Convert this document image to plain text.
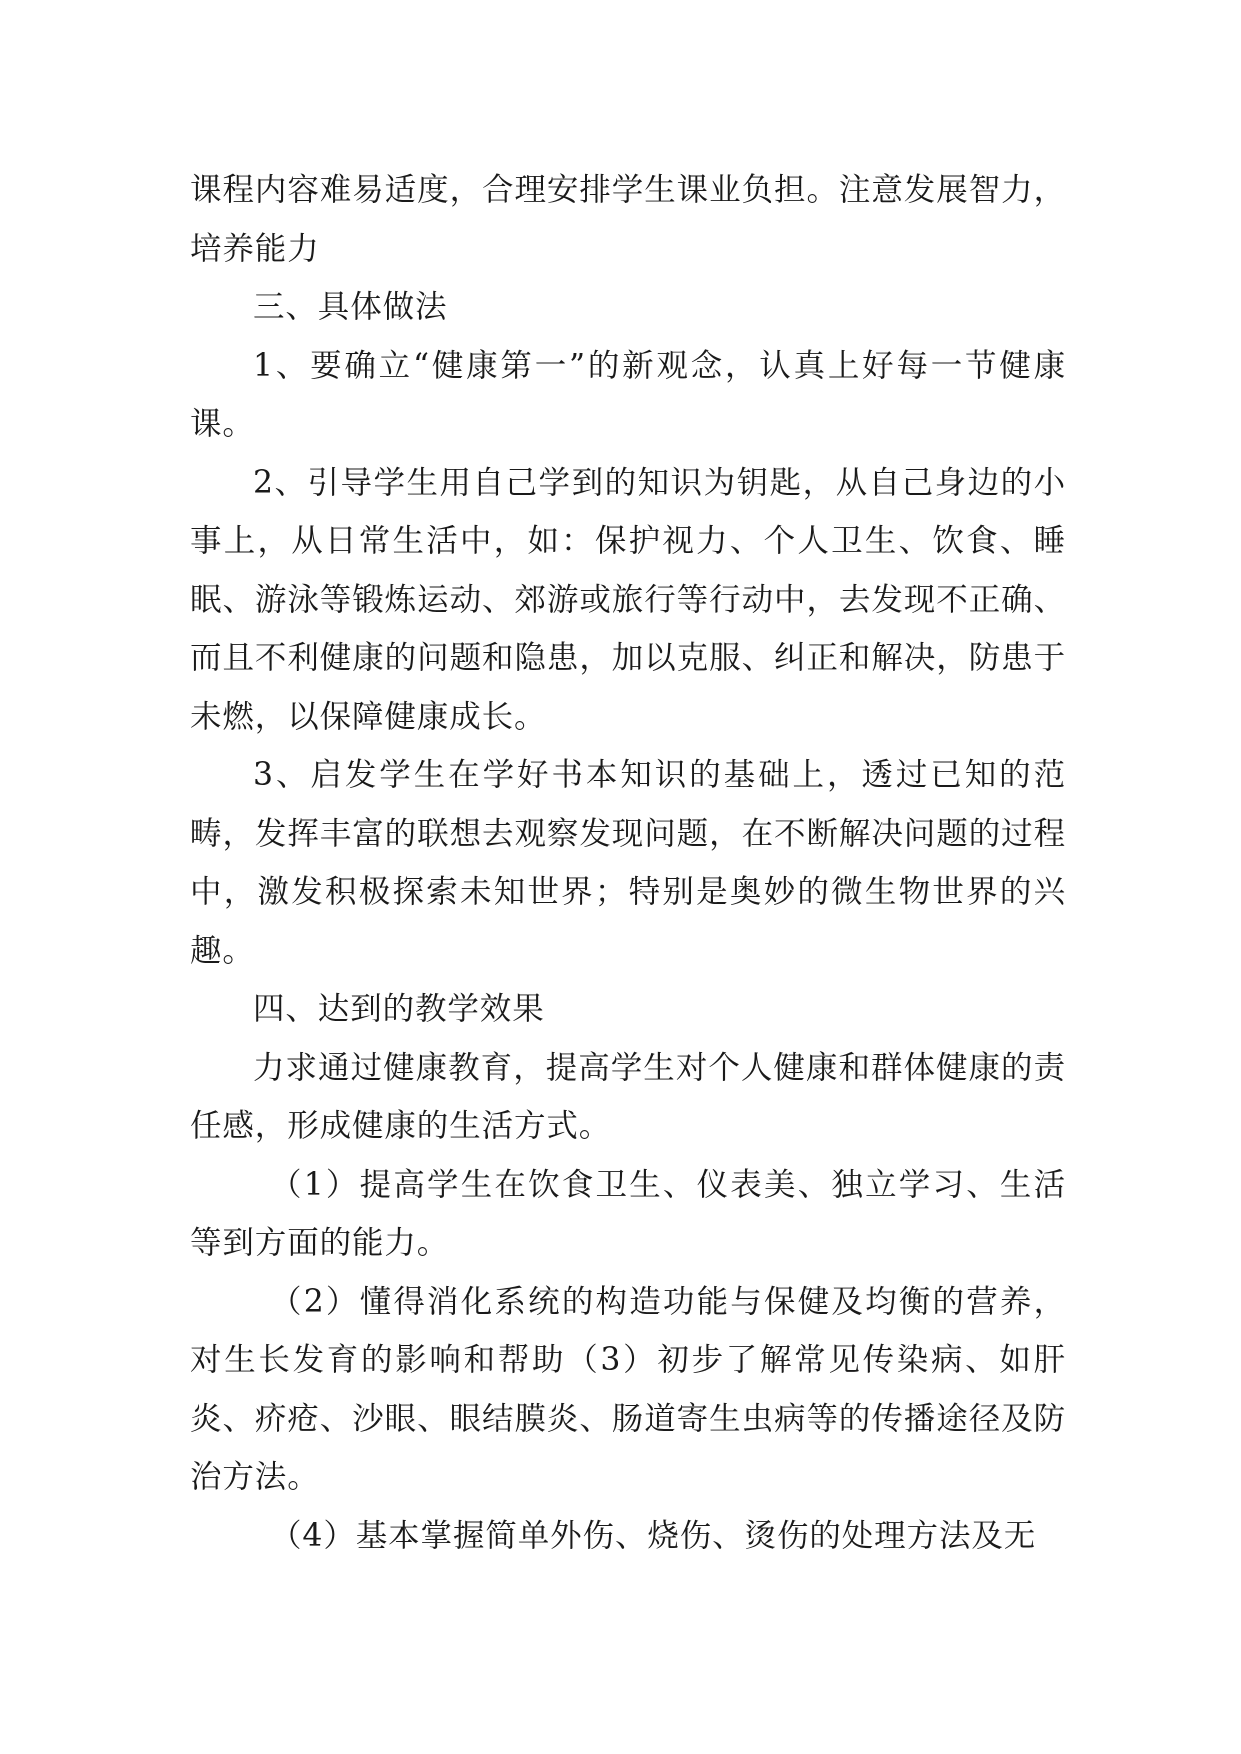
课程内容难易适度，合理安排学生课业负担。注意发展智力，培养能力

三、具体做法

1、要确立“健康第一”的新观念，认真上好每一节健康课。

2、引导学生用自己学到的知识为钥匙，从自己身边的小事上，从日常生活中，如：保护视力、个人卫生、饮食、睡眠、游泳等锻炼运动、郊游或旅行等行动中，去发现不正确、而且不利健康的问题和隐患，加以克服、纠正和解决，防患于未燃，以保障健康成长。

3、启发学生在学好书本知识的基础上，透过已知的范畴，发挥丰富的联想去观察发现问题，在不断解决问题的过程中，激发积极探索未知世界；特别是奥妙的微生物世界的兴趣。

四、达到的教学效果

力求通过健康教育，提高学生对个人健康和群体健康的责任感，形成健康的生活方式。

（1）提高学生在饮食卫生、仪表美、独立学习、生活等到方面的能力。

（2）懂得消化系统的构造功能与保健及均衡的营养，对生长发育的影响和帮助（3）初步了解常见传染病、如肝炎、疥疮、沙眼、眼结膜炎、肠道寄生虫病等的传播途径及防治方法。

（4）基本掌握简单外伤、烧伤、烫伤的处理方法及无
